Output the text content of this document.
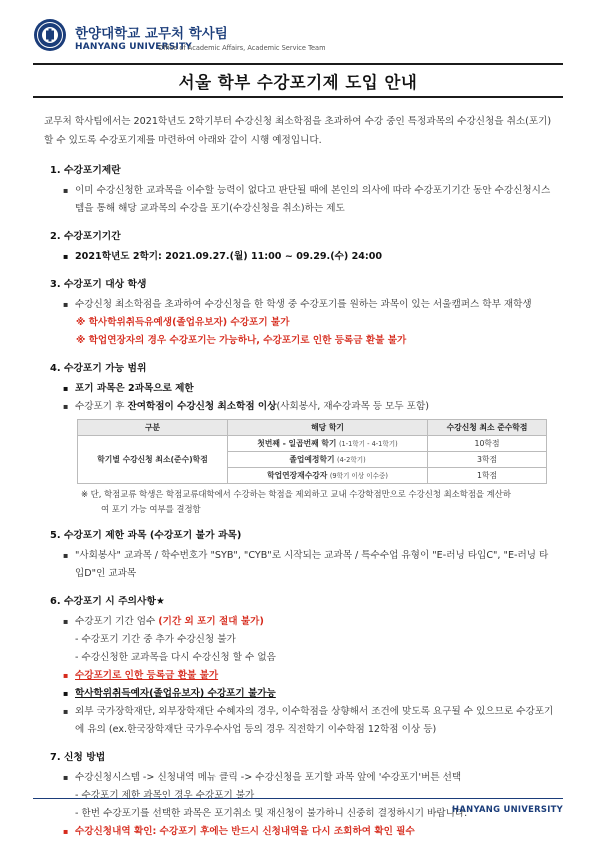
한양대학교 교무처 학사팀
HANYANG UNIVERSITY
Office of Academic Affairs, Academic Service Team
서울 학부 수강포기제 도입 안내

교무처 학사팀에서는 2021학년도 2학기부터 수강신청 최소학점을 초과하여 수강 중인 특정과목의 수강신청을 취소(포기)할 수 있도록 수강포기제를 마련하여 아래와 같이 시행 예정입니다.

1. 수강포기제란
▪ 이미 수강신청한 교과목을 이수할 능력이 없다고 판단될 때에 본인의 의사에 따라 수강포기기간 동안 수강신청시스템을 통해 해당 교과목의 수강을 포기(수강신청을 취소)하는 제도
2. 수강포기기간
▪ 2021학년도 2학기: 2021.09.27.(월) 11:00 ~ 09.29.(수) 24:00
3. 수강포기 대상 학생
▪ 수강신청 최소학점을 초과하여 수강신청을 한 학생 중 수강포기를 원하는 과목이 있는 서울캠퍼스 학부 재학생
※ 학사학위취득유예생(졸업유보자) 수강포기 불가
※ 학업연장자의 경우 수강포기는 가능하나, 수강포기로 인한 등록금 환불 불가
4. 수강포기 가능 범위
▪ 포기 과목은 2과목으로 제한
▪ 수강포기 후 잔여학점이 수강신청 최소학점 이상(사회봉사, 재수강과목 등 모두 포함)
구분	해당 학기	수강신청 최소 준수학점
학기별 수강신청 최소(준수)학점	첫번째 - 일곱번째 학기 (1-1학기 - 4-1학기)	10학점
	졸업예정학기 (4-2학기)	3학점
	학업연장재수강자 (9학기 이상 이수중)	1학점
※ 단, 학점교류 학생은 학점교류대학에서 수강하는 학점을 제외하고 교내 수강학점만으로 수강신청 최소학점을 계산하
여 포기 가능 여부를 결정함
5. 수강포기 제한 과목 (수강포기 불가 과목)
▪ "사회봉사" 교과목 / 학수번호가 "SYB", "CYB"로 시작되는 교과목 / 특수수업 유형이 "E-러닝 타입C", "E-러닝 타입D"인 교과목
6. 수강포기 시 주의사항★
▪ 수강포기 기간 엄수 (기간 외 포기 절대 불가)
- 수강포기 기간 중 추가 수강신청 불가
- 수강신청한 교과목을 다시 수강신청 할 수 없음
▪ 수강포기로 인한 등록금 환불 불가
▪ 학사학위취득예자(졸업유보자) 수강포기 불가능
▪ 외부 국가장학재단, 외부장학재단 수혜자의 경우, 이수학점을 상향해서 조건에 맞도록 요구될 수 있으므로 수강포기에 유의 (ex.한국장학재단 국가우수사업 등의 경우 직전학기 이수학점 12학점 이상 등)
7. 신청 방법
▪ 수강신청시스템 -> 신청내역 메뉴 클릭 -> 수강신청을 포기할 과목 앞에 '수강포기'버튼 선택
- 수강포기 제한 과목인 경우 수강포기 불가
- 한번 수강포기를 선택한 과목은 포기취소 및 재신청이 불가하니 신중히 결정하시기 바랍니다.
▪ 수강신청내역 확인: 수강포기 후에는 반드시 신청내역을 다시 조회하여 확인 필수
HANYANG UNIVERSITY
